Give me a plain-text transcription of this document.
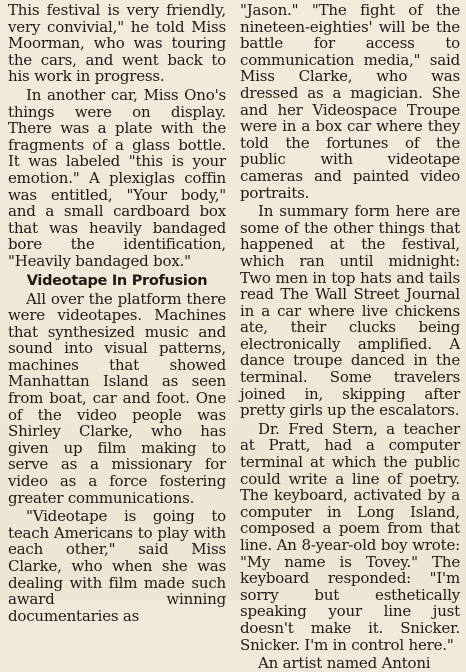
This festival is very friendly, very convivial," he told Miss Moorman, who was touring the cars, and went back to his work in progress.

In another car, Miss Ono's things were on display. There was a plate with the fragments of a glass bottle. It was labeled "this is your emotion." A plexiglas coffin was entitled, "Your body," and a small cardboard box that was heavily bandaged bore the identification, "Heavily bandaged box."

Videotape In Profusion

All over the platform there were videotapes. Machines that synthesized music and sound into visual patterns, machines that showed Manhattan Island as seen from boat, car and foot. One of the video people was Shirley Clarke, who has given up film making to serve as a missionary for video as a force fostering greater communications.

"Videotape is going to teach Americans to play with each other," said Miss Clarke, who when she was dealing with film made such award winning documentaries as

"Jason." "The fight of the nineteen-eighties' will be the battle for access to communication media," said Miss Clarke, who was dressed as a magician. She and her Videospace Troupe were in a box car where they told the fortunes of the public with videotape cameras and painted video portraits.

In summary form here are some of the other things that happened at the festival, which ran until midnight: Two men in top hats and tails read The Wall Street Journal in a car where live chickens ate, their clucks being electronically amplified. A dance troupe danced in the terminal. Some travelers joined in, skipping after pretty girls up the escalators.

Dr. Fred Stern, a teacher at Pratt, had a computer terminal at which the public could write a line of poetry. The keyboard, activated by a computer in Long Island, composed a poem from that line. An 8-year-old boy wrote: "My name is Tovey." The keyboard responded: "I'm sorry but esthetically speaking your line just doesn't make it. Snicker. Snicker. I'm in control here."

An artist named Antoni
